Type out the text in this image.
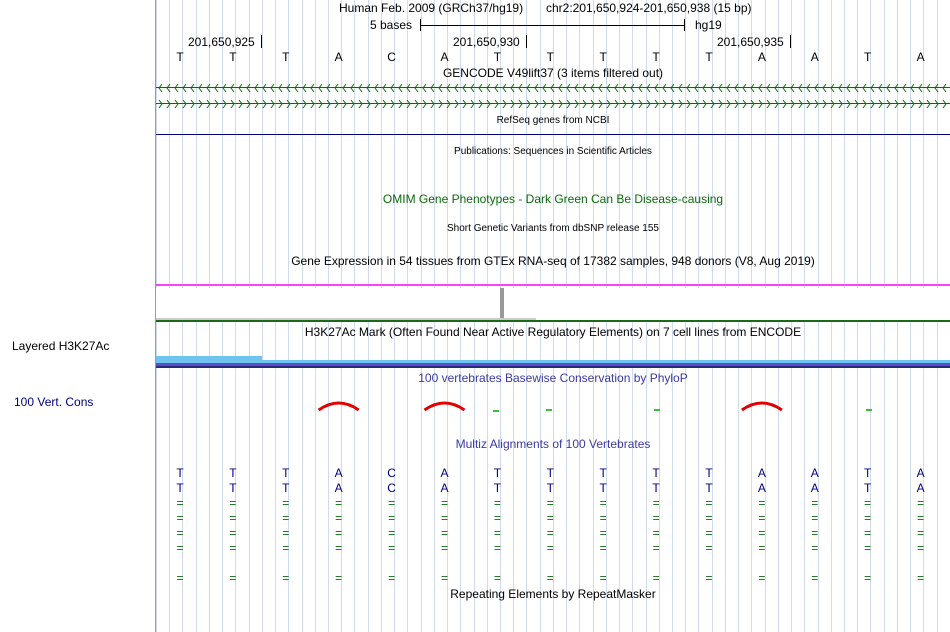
Layered H3K27Ac
100 Vert. Cons
Human Feb. 2009 (GRCh37/hg19) chr2:201,650,924-201,650,938 (15 bp)
5 bases	hg19
201,650,925	201,650,930	201,650,935
T	T	T	A	C	A	T	T	T	T	T	A	A	T	A
GENCODE V49lift37 (3 items filtered out)
RefSeq genes from NCBI
Publications: Sequences in Scientific Articles
OMIM Gene Phenotypes - Dark Green Can Be Disease-causing
Short Genetic Variants from dbSNP release 155
Gene Expression in 54 tissues from GTEx RNA-seq of 17382 samples, 948 donors (V8, Aug 2019)
H3K27Ac Mark (Often Found Near Active Regulatory Elements) on 7 cell lines from ENCODE
100 vertebrates Basewise Conservation by PhyloP
Multiz Alignments of 100 Vertebrates
T	T	T	A	C	A	T	T	T	T	T	A	A	T	A
T	T	T	A	C	A	T	T	T	T	T	A	A	T	A
=	=	=	=	=	=	=	=	=	=	=	=	=	=	=
=	=	=	=	=	=	=	=	=	=	=	=	=	=	=
=	=	=	=	=	=	=	=	=	=	=	=	=	=	=
=	=	=	=	=	=	=	=	=	=	=	=	=	=	=
=	=	=	=	=	=	=	=	=	=	=	=	=	=	=
Repeating Elements by RepeatMasker
